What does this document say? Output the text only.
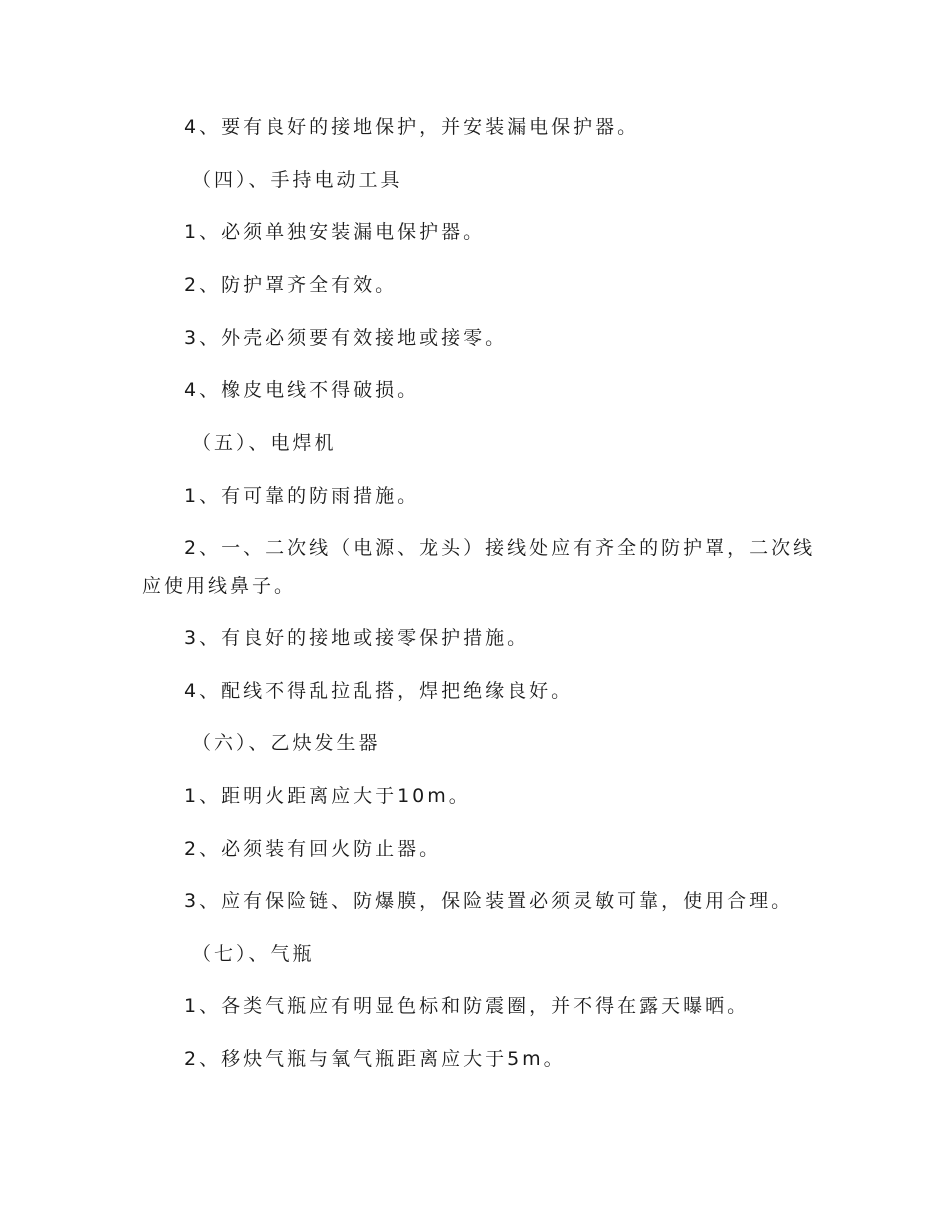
4、要有良好的接地保护，并安装漏电保护器。
（四）、手持电动工具
1、必须单独安装漏电保护器。
2、防护罩齐全有效。
3、外壳必须要有效接地或接零。
4、橡皮电线不得破损。
（五）、电焊机
1、有可靠的防雨措施。
2、一、二次线（电源、龙头）接线处应有齐全的防护罩，二次线
应使用线鼻子。
3、有良好的接地或接零保护措施。
4、配线不得乱拉乱搭，焊把绝缘良好。
（六）、乙炔发生器
1、距明火距离应大于10m。
2、必须装有回火防止器。
3、应有保险链、防爆膜，保险装置必须灵敏可靠，使用合理。
（七）、气瓶
1、各类气瓶应有明显色标和防震圈，并不得在露天曝晒。
2、移炔气瓶与氧气瓶距离应大于5m。
